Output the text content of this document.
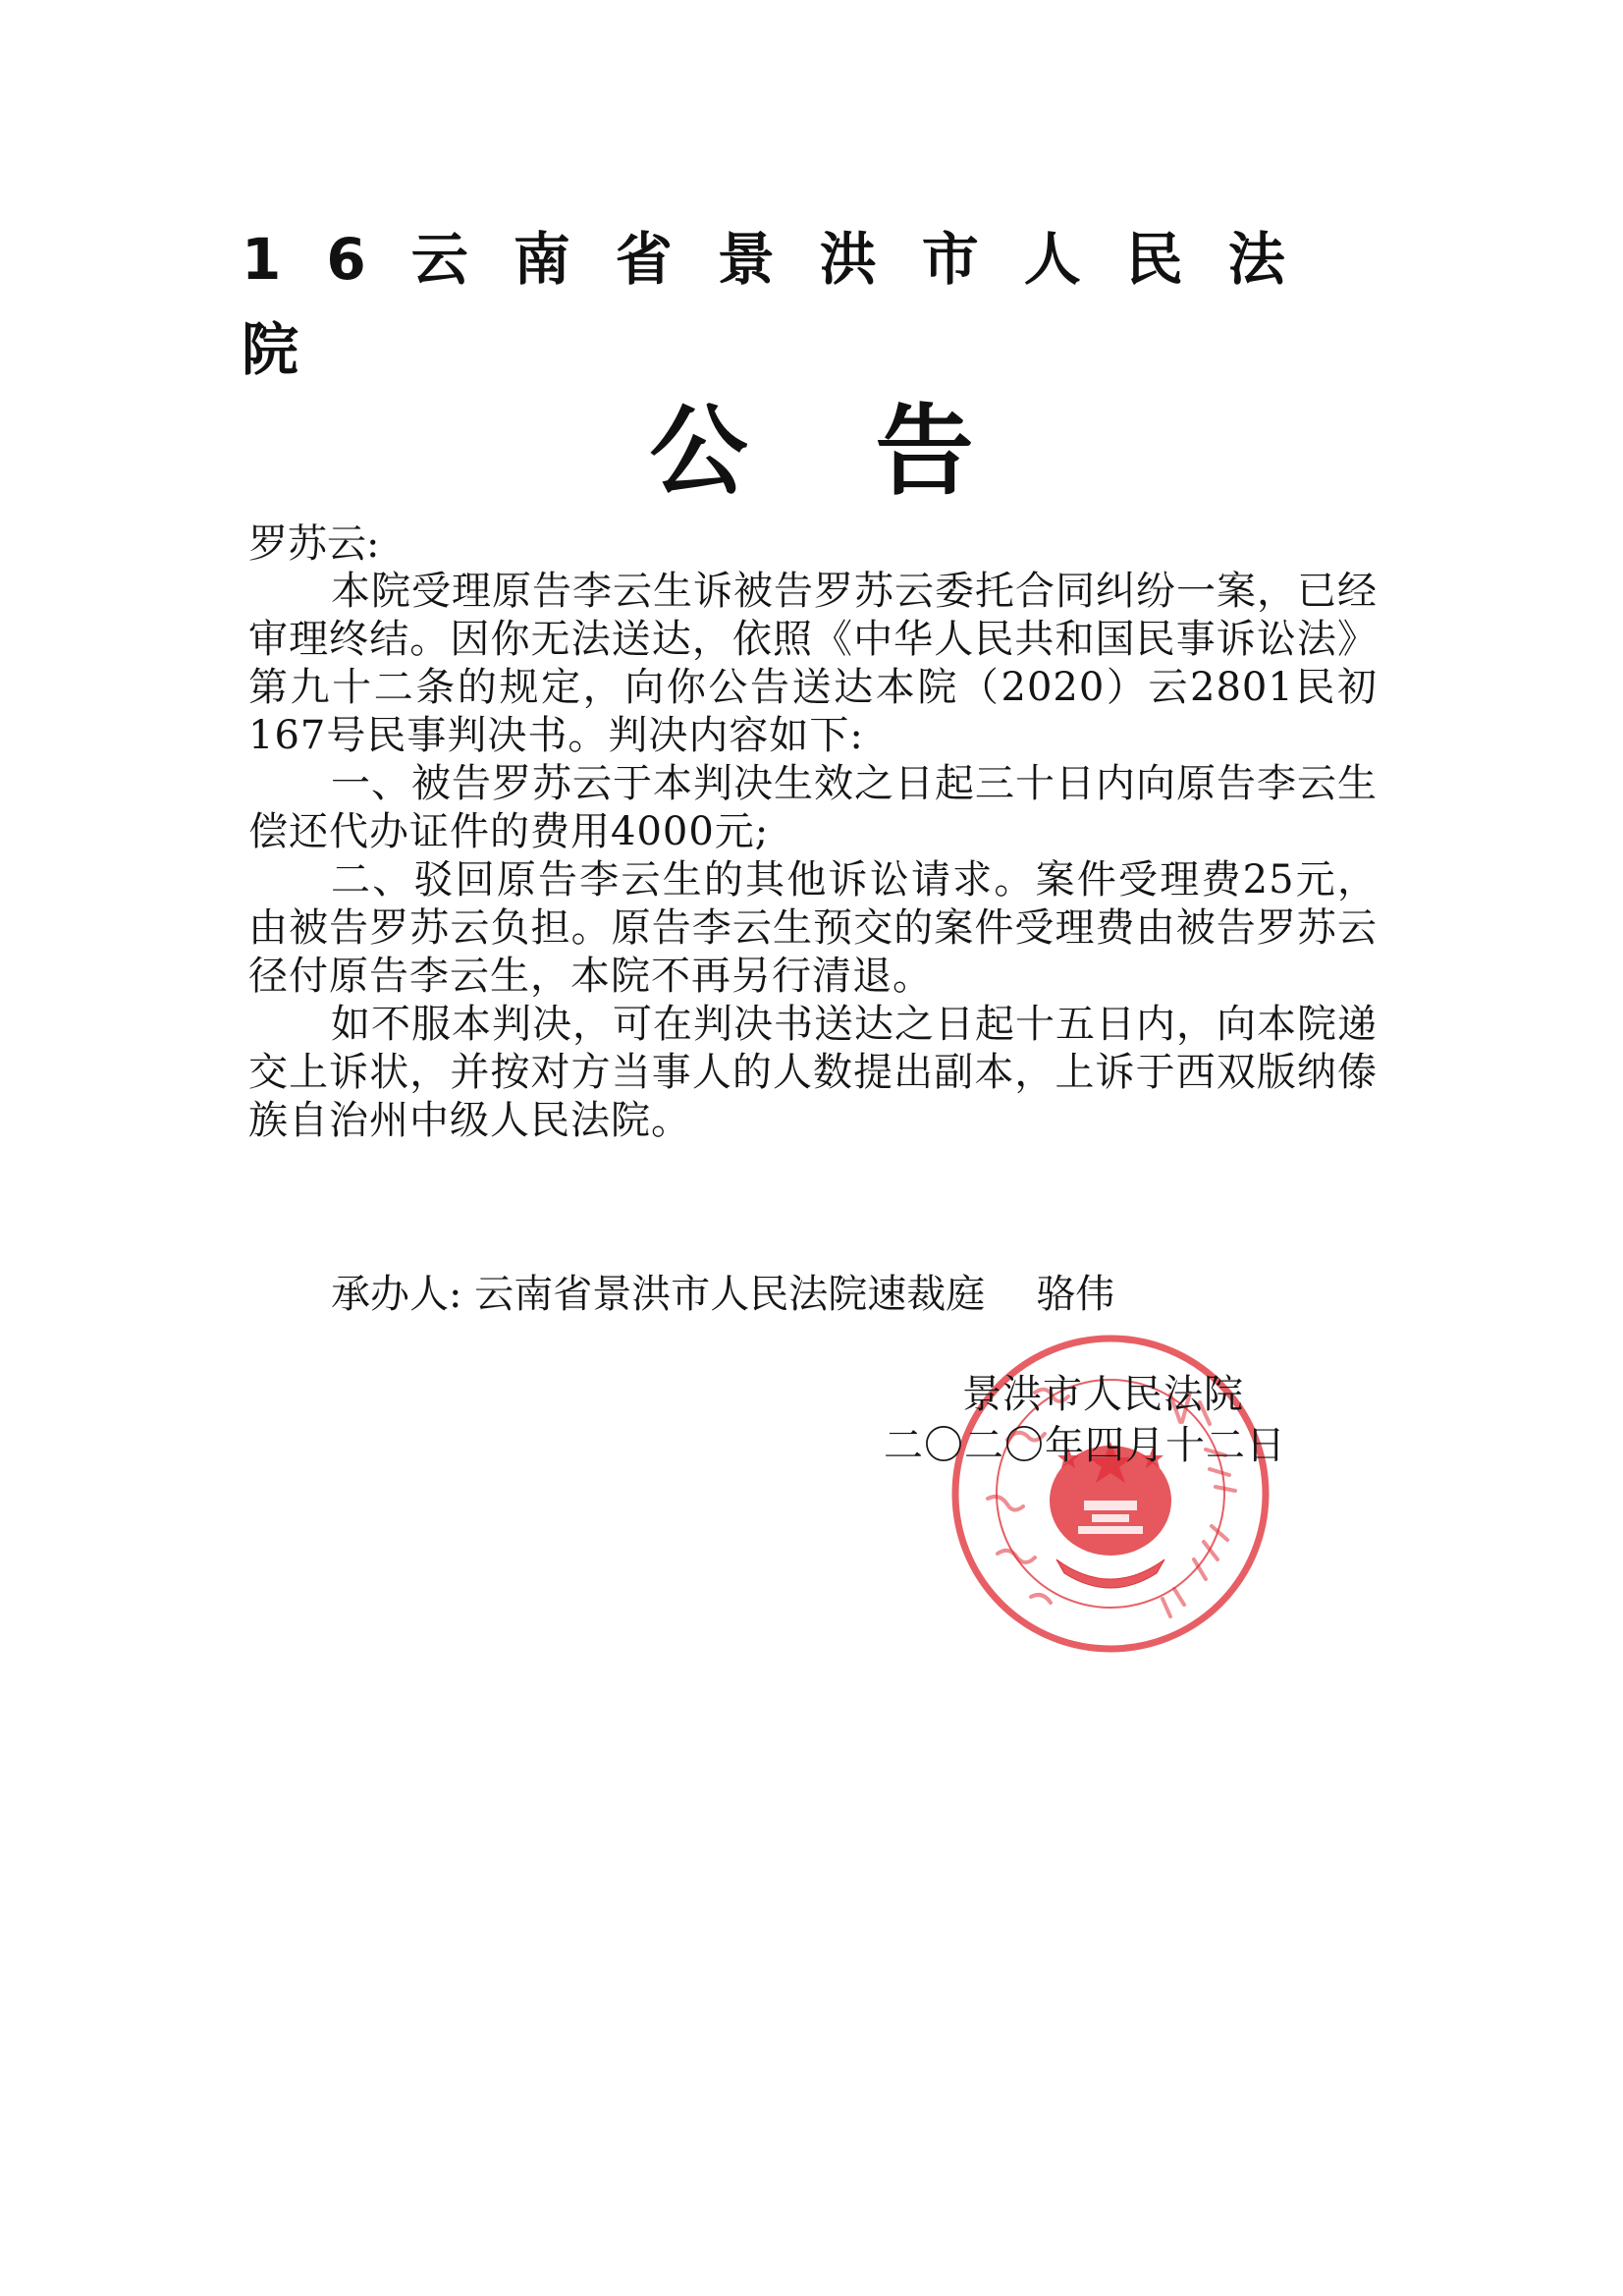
16云南省景洪市人民法院
公 告

罗苏云:

本院受理原告李云生诉被告罗苏云委托合同纠纷一案，已经审理终结。因你无法送达，依照《中华人民共和国民事诉讼法》第九十二条的规定，向你公告送达本院（2020）云2801民初167号民事判决书。判决内容如下:

一、被告罗苏云于本判决生效之日起三十日内向原告李云生偿还代办证件的费用4000元;

二、驳回原告李云生的其他诉讼请求。案件受理费25元，由被告罗苏云负担。原告李云生预交的案件受理费由被告罗苏云径付原告李云生，本院不再另行清退。

如不服本判决，可在判决书送达之日起十五日内，向本院递交上诉状，并按对方当事人的人数提出副本，上诉于西双版纳傣族自治州中级人民法院。

承办人: 云南省景洪市人民法院速裁庭 骆伟
景洪市人民法院
二〇二〇年四月十二日
